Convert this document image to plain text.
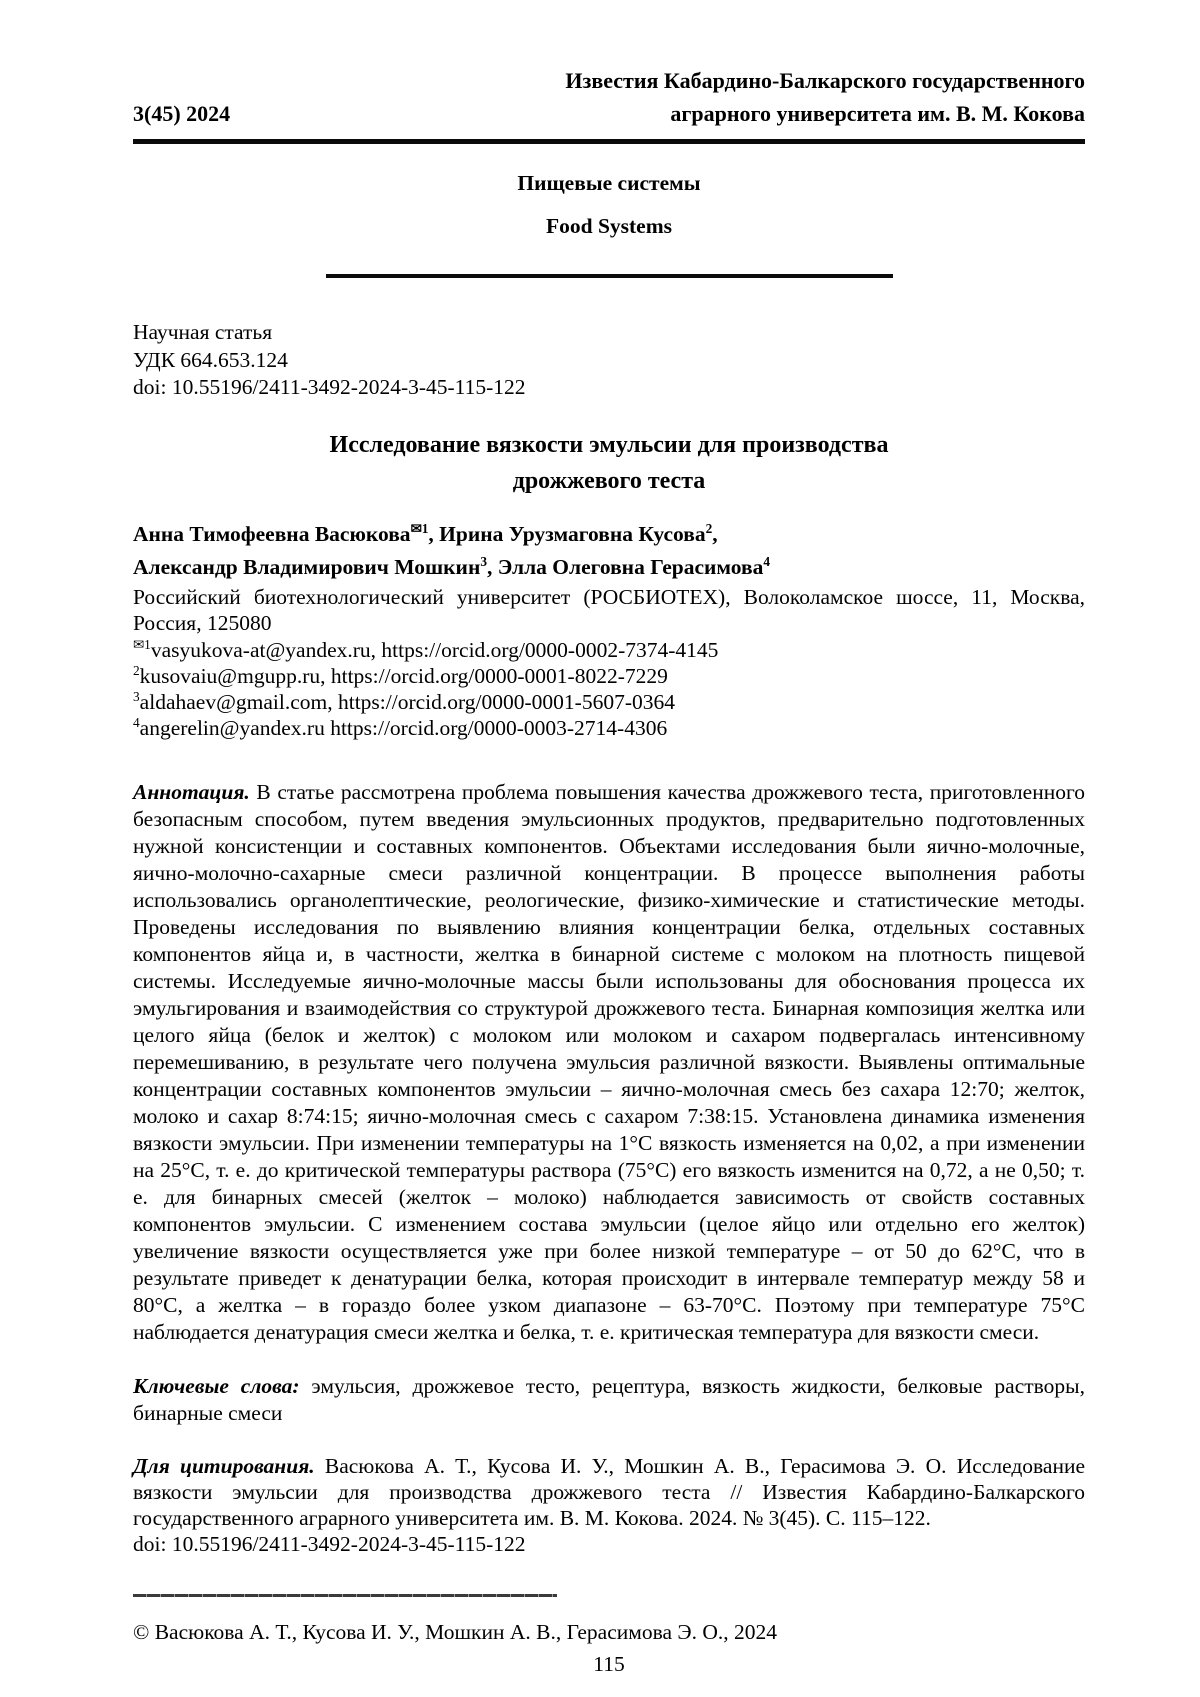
3(45) 2024
Известия Кабардино-Балкарского государственного
аграрного университета им. В. М. Кокова
Пищевые системы
Food Systems
Научная статья
УДК 664.653.124
doi: 10.55196/2411-3492-2024-3-45-115-122
Исследование вязкости эмульсии для производства
дрожжевого теста
Анна Тимофеевна Васюкова$^{✉1}$, Ирина Урузмаговна Кусова$^2$,
Александр Владимирович Мошкин$^3$, Элла Олеговна Герасимова$^4$
Российский биотехнологический университет (РОСБИОТЕХ), Волоколамское шоссе, 11, Москва, Россия, 125080
$^{✉1}$vasyukova-at@yandex.ru, https://orcid.org/0000-0002-7374-4145
$^2$kusovaiu@mgupp.ru, https://orcid.org/0000-0001-8022-7229
$^3$aldahaev@gmail.com, https://orcid.org/0000-0001-5607-0364
$^4$angerelin@yandex.ru https://orcid.org/0000-0003-2714-4306
Аннотация. В статье рассмотрена проблема повышения качества дрожжевого теста, приготовленного безопасным способом, путем введения эмульсионных продуктов, предварительно подготовленных нужной консистенции и составных компонентов. Объектами исследования были яично-молочные, яично-молочно-сахарные смеси различной концентрации. В процессе выполнения работы использовались органолептические, реологические, физико-химические и статистические методы. Проведены исследования по выявлению влияния концентрации белка, отдельных составных компонентов яйца и, в частности, желтка в бинарной системе с молоком на плотность пищевой системы. Исследуемые яично-молочные массы были использованы для обоснования процесса их эмульгирования и взаимодействия со структурой дрожжевого теста. Бинарная композиция желтка или целого яйца (белок и желток) с молоком или молоком и сахаром подвергалась интенсивному перемешиванию, в результате чего получена эмульсия различной вязкости. Выявлены оптимальные концентрации составных компонентов эмульсии – яично-молочная смесь без сахара 12:70; желток, молоко и сахар 8:74:15; яично-молочная смесь с сахаром 7:38:15. Установлена динамика изменения вязкости эмульсии. При изменении температуры на 1°С вязкость изменяется на 0,02, а при изменении на 25°С, т. е. до критической температуры раствора (75°С) его вязкость изменится на 0,72, а не 0,50; т. е. для бинарных смесей (желток – молоко) наблюдается зависимость от свойств составных компонентов эмульсии. С изменением состава эмульсии (целое яйцо или отдельно его желток) увеличение вязкости осуществляется уже при более низкой температуре – от 50 до 62°С, что в результате приведет к денатурации белка, которая происходит в интервале температур между 58 и 80°С, а желтка – в гораздо более узком диапазоне – 63-70°С. Поэтому при температуре 75°С наблюдается денатурация смеси желтка и белка, т. е. критическая температура для вязкости смеси.
Ключевые слова: эмульсия, дрожжевое тесто, рецептура, вязкость жидкости, белковые растворы, бинарные смеси
Для цитирования. Васюкова А. Т., Кусова И. У., Мошкин А. В., Герасимова Э. О. Исследование вязкости эмульсии для производства дрожжевого теста // Известия Кабардино-Балкарского государственного аграрного университета им. В. М. Кокова. 2024. № 3(45). С. 115–122.
doi: 10.55196/2411-3492-2024-3-45-115-122
© Васюкова А. Т., Кусова И. У., Мошкин А. В., Герасимова Э. О., 2024
115
